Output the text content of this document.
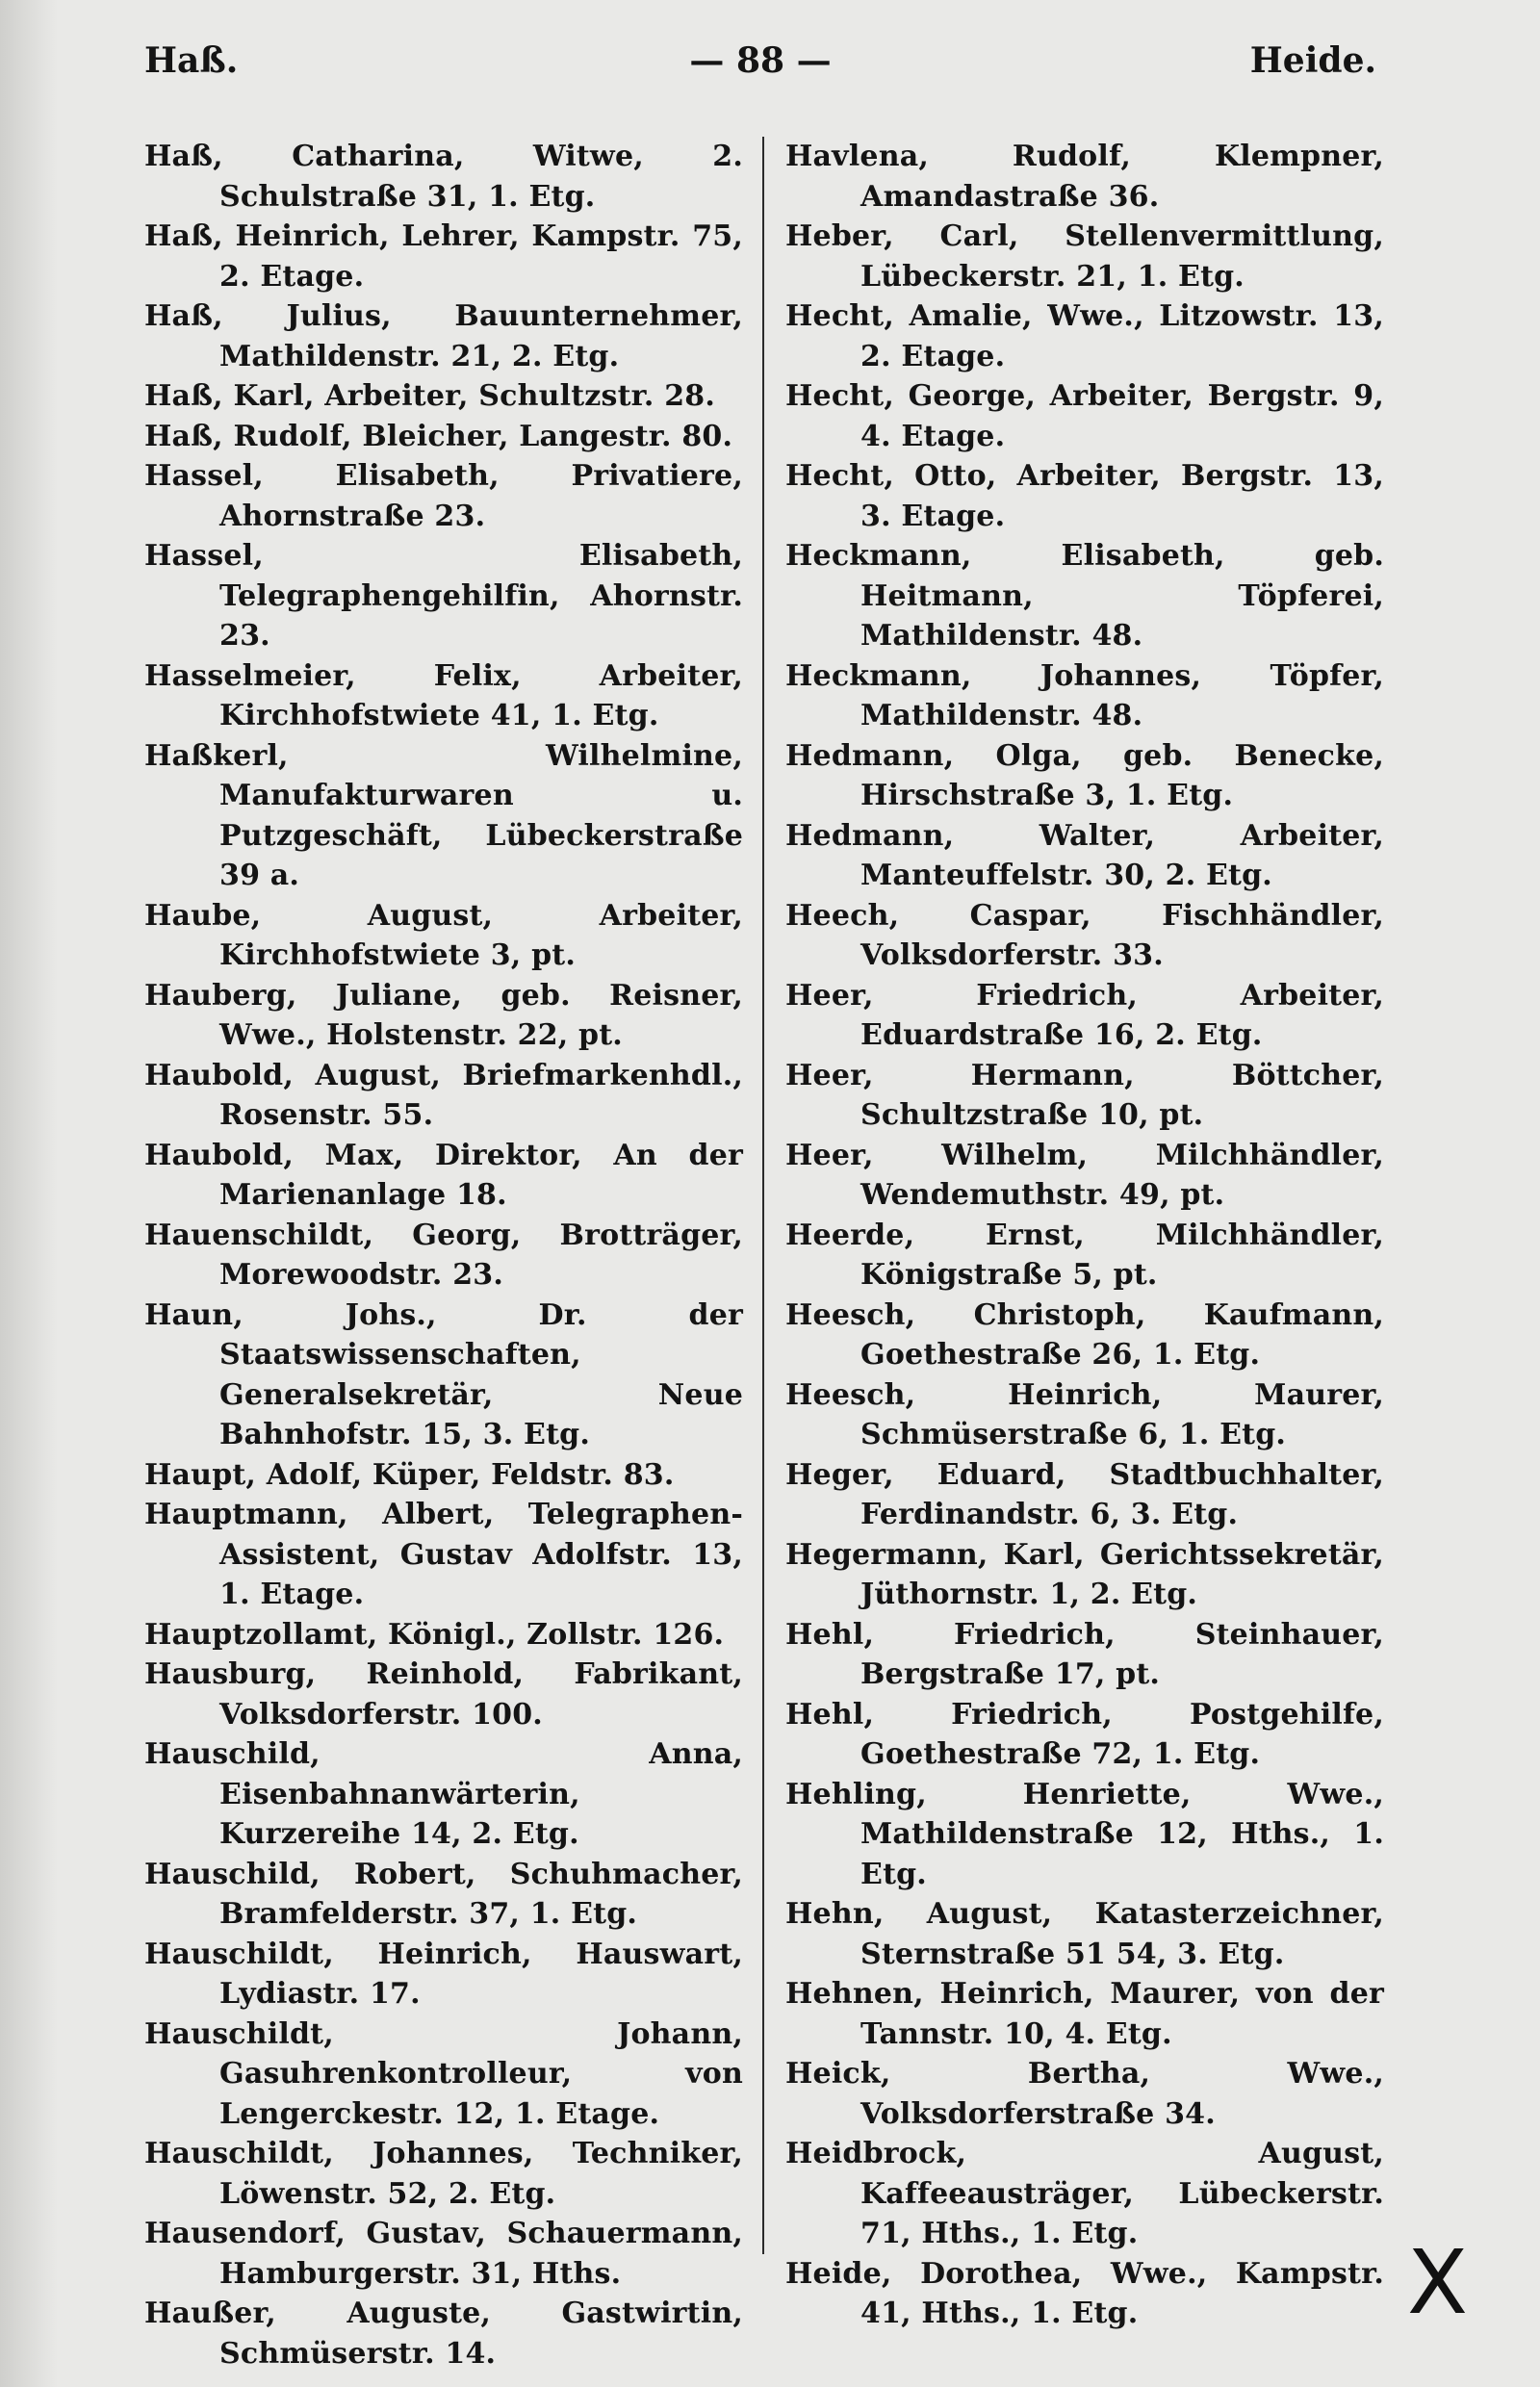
Haß.	— 88 —	Heide.
Haß, Catharina, Witwe, 2. Schulstraße 31, 1. Etg.
Haß, Heinrich, Lehrer, Kampstr. 75, 2. Etage.
Haß, Julius, Bauunternehmer, Mathildenstr. 21, 2. Etg.
Haß, Karl, Arbeiter, Schultzstr. 28.
Haß, Rudolf, Bleicher, Langestr. 80.
Hassel, Elisabeth, Privatiere, Ahornstraße 23.
Hassel, Elisabeth, Telegraphengehilfin, Ahornstr. 23.
Hasselmeier, Felix, Arbeiter, Kirchhofstwiete 41, 1. Etg.
Haßkerl, Wilhelmine, Manufakturwaren u. Putzgeschäft, Lübeckerstraße 39 a.
Haube, August, Arbeiter, Kirchhofstwiete 3, pt.
Hauberg, Juliane, geb. Reisner, Wwe., Holstenstr. 22, pt.
Haubold, August, Briefmarkenhdl., Rosenstr. 55.
Haubold, Max, Direktor, An der Marienanlage 18.
Hauenschildt, Georg, Brotträger, Morewoodstr. 23.
Haun, Johs., Dr. der Staatswissenschaften, Generalsekretär, Neue Bahnhofstr. 15, 3. Etg.
Haupt, Adolf, Küper, Feldstr. 83.
Hauptmann, Albert, Telegraphen-Assistent, Gustav Adolfstr. 13, 1. Etage.
Hauptzollamt, Königl., Zollstr. 126.
Hausburg, Reinhold, Fabrikant, Volksdorferstr. 100.
Hauschild, Anna, Eisenbahnanwärterin, Kurzereihe 14, 2. Etg.
Hauschild, Robert, Schuhmacher, Bramfelderstr. 37, 1. Etg.
Hauschildt, Heinrich, Hauswart, Lydiastr. 17.
Hauschildt, Johann, Gasuhrenkontrolleur, von Lengerckestr. 12, 1. Etage.
Hauschildt, Johannes, Techniker, Löwenstr. 52, 2. Etg.
Hausendorf, Gustav, Schauermann, Hamburgerstr. 31, Hths.
Haußer, Auguste, Gastwirtin, Schmüserstr. 14.
Havlena, Rudolf, Klempner, Amandastraße 36.
Heber, Carl, Stellenvermittlung, Lübeckerstr. 21, 1. Etg.
Hecht, Amalie, Wwe., Litzowstr. 13, 2. Etage.
Hecht, George, Arbeiter, Bergstr. 9, 4. Etage.
Hecht, Otto, Arbeiter, Bergstr. 13, 3. Etage.
Heckmann, Elisabeth, geb. Heitmann, Töpferei, Mathildenstr. 48.
Heckmann, Johannes, Töpfer, Mathildenstr. 48.
Hedmann, Olga, geb. Benecke, Hirschstraße 3, 1. Etg.
Hedmann, Walter, Arbeiter, Manteuffelstr. 30, 2. Etg.
Heech, Caspar, Fischhändler, Volksdorferstr. 33.
Heer, Friedrich, Arbeiter, Eduardstraße 16, 2. Etg.
Heer, Hermann, Böttcher, Schultzstraße 10, pt.
Heer, Wilhelm, Milchhändler, Wendemuthstr. 49, pt.
Heerde, Ernst, Milchhändler, Königstraße 5, pt.
Heesch, Christoph, Kaufmann, Goethestraße 26, 1. Etg.
Heesch, Heinrich, Maurer, Schmüserstraße 6, 1. Etg.
Heger, Eduard, Stadtbuchhalter, Ferdinandstr. 6, 3. Etg.
Hegermann, Karl, Gerichtssekretär, Jüthornstr. 1, 2. Etg.
Hehl, Friedrich, Steinhauer, Bergstraße 17, pt.
Hehl, Friedrich, Postgehilfe, Goethestraße 72, 1. Etg.
Hehling, Henriette, Wwe., Mathildenstraße 12, Hths., 1. Etg.
Hehn, August, Katasterzeichner, Sternstraße 51 54, 3. Etg.
Hehnen, Heinrich, Maurer, von der Tannstr. 10, 4. Etg.
Heick, Bertha, Wwe., Volksdorferstraße 34.
Heidbrock, August, Kaffeeausträger, Lübeckerstr. 71, Hths., 1. Etg.
Heide, Dorothea, Wwe., Kampstr. 41, Hths., 1. Etg.	X
